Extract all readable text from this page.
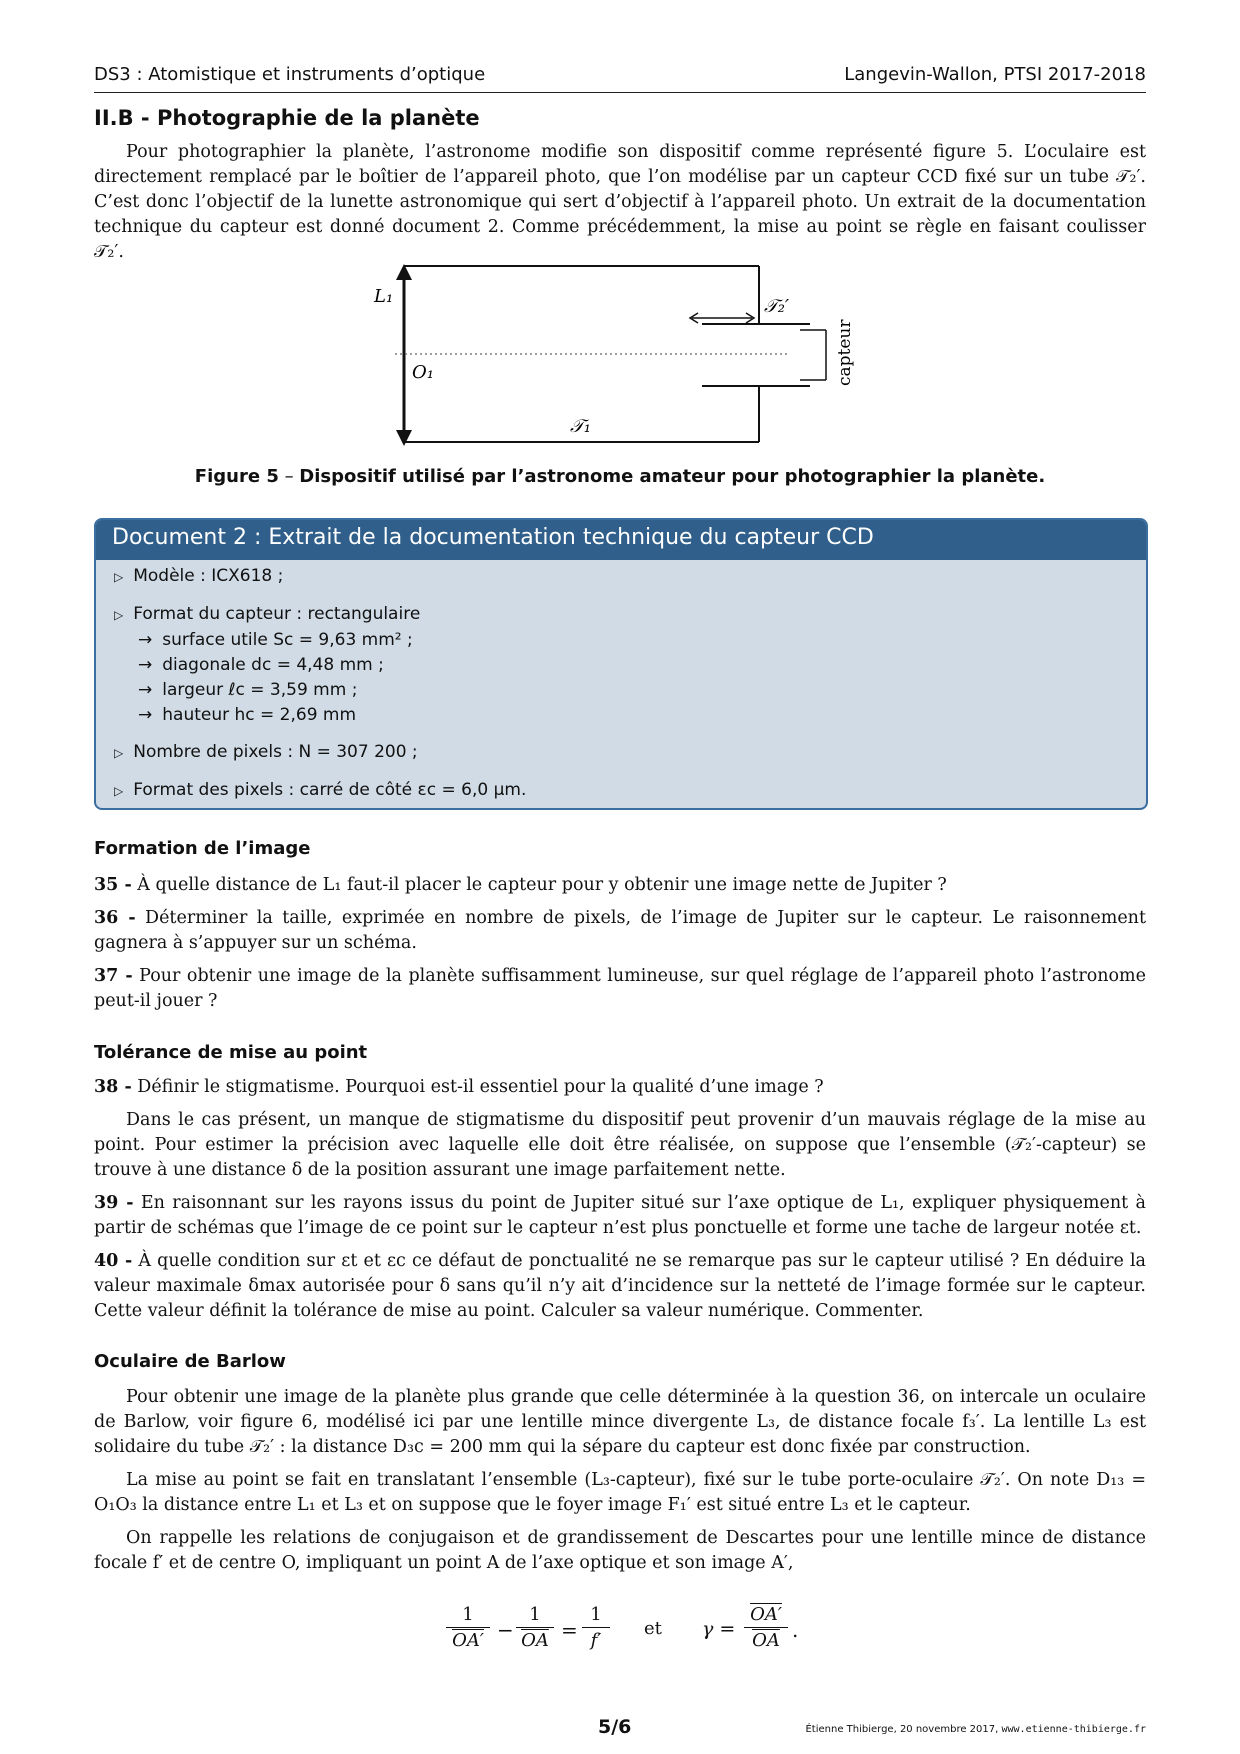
DS3 : Atomistique et instruments d’optique	Langevin-Wallon, PTSI 2017-2018
II.B - Photographie de la planète
Pour photographier la planète, l’astronome modifie son dispositif comme représenté figure 5. L’oculaire est directement remplacé par le boîtier de l’appareil photo, que l’on modélise par un capteur CCD fixé sur un tube 𝒯₂′. C’est donc l’objectif de la lunette astronomique qui sert d’objectif à l’appareil photo. Un extrait de la documentation technique du capteur est donné document 2. Comme précédemment, la mise au point se règle en faisant coulisser 𝒯₂′.
L₁
O₁
𝒯₁
𝒯₂′
capteur
Figure 5 – Dispositif utilisé par l’astronome amateur pour photographier la planète.
Document 2 : Extrait de la documentation technique du capteur CCD
▷ Modèle : ICX618 ;
▷ Format du capteur : rectangulaire
→ surface utile Sc = 9,63 mm² ;
→ diagonale dc = 4,48 mm ;
→ largeur ℓc = 3,59 mm ;
→ hauteur hc = 2,69 mm
▷ Nombre de pixels : N = 307 200 ;
▷ Format des pixels : carré de côté εc = 6,0 µm.
Formation de l’image
35 - À quelle distance de L₁ faut-il placer le capteur pour y obtenir une image nette de Jupiter ?
36 - Déterminer la taille, exprimée en nombre de pixels, de l’image de Jupiter sur le capteur. Le raisonnement gagnera à s’appuyer sur un schéma.
37 - Pour obtenir une image de la planète suffisamment lumineuse, sur quel réglage de l’appareil photo l’astronome peut-il jouer ?
Tolérance de mise au point
38 - Définir le stigmatisme. Pourquoi est-il essentiel pour la qualité d’une image ?
Dans le cas présent, un manque de stigmatisme du dispositif peut provenir d’un mauvais réglage de la mise au point. Pour estimer la précision avec laquelle elle doit être réalisée, on suppose que l’ensemble (𝒯₂′-capteur) se trouve à une distance δ de la position assurant une image parfaitement nette.
39 - En raisonnant sur les rayons issus du point de Jupiter situé sur l’axe optique de L₁, expliquer physiquement à partir de schémas que l’image de ce point sur le capteur n’est plus ponctuelle et forme une tache de largeur notée εt.
40 - À quelle condition sur εt et εc ce défaut de ponctualité ne se remarque pas sur le capteur utilisé ? En déduire la valeur maximale δmax autorisée pour δ sans qu’il n’y ait d’incidence sur la netteté de l’image formée sur le capteur. Cette valeur définit la tolérance de mise au point. Calculer sa valeur numérique. Commenter.
Oculaire de Barlow
Pour obtenir une image de la planète plus grande que celle déterminée à la question 36, on intercale un oculaire de Barlow, voir figure 6, modélisé ici par une lentille mince divergente L₃, de distance focale f₃′. La lentille L₃ est solidaire du tube 𝒯₂′ : la distance D₃c = 200 mm qui la sépare du capteur est donc fixée par construction.
La mise au point se fait en translatant l’ensemble (L₃-capteur), fixé sur le tube porte-oculaire 𝒯₂′. On note D₁₃ = O₁O₃ la distance entre L₁ et L₃ et on suppose que le foyer image F₁′ est situé entre L₃ et le capteur.
On rappelle les relations de conjugaison et de grandissement de Descartes pour une lentille mince de distance focale f′ et de centre O, impliquant un point A de l’axe optique et son image A′,
$\frac{1}{OA'} - \frac{1}{OA} = \frac{1}{f'}$ et $\gamma = \frac{OA'}{OA}$ .
5/6	Étienne Thibierge, 20 novembre 2017, www.etienne-thibierge.fr
